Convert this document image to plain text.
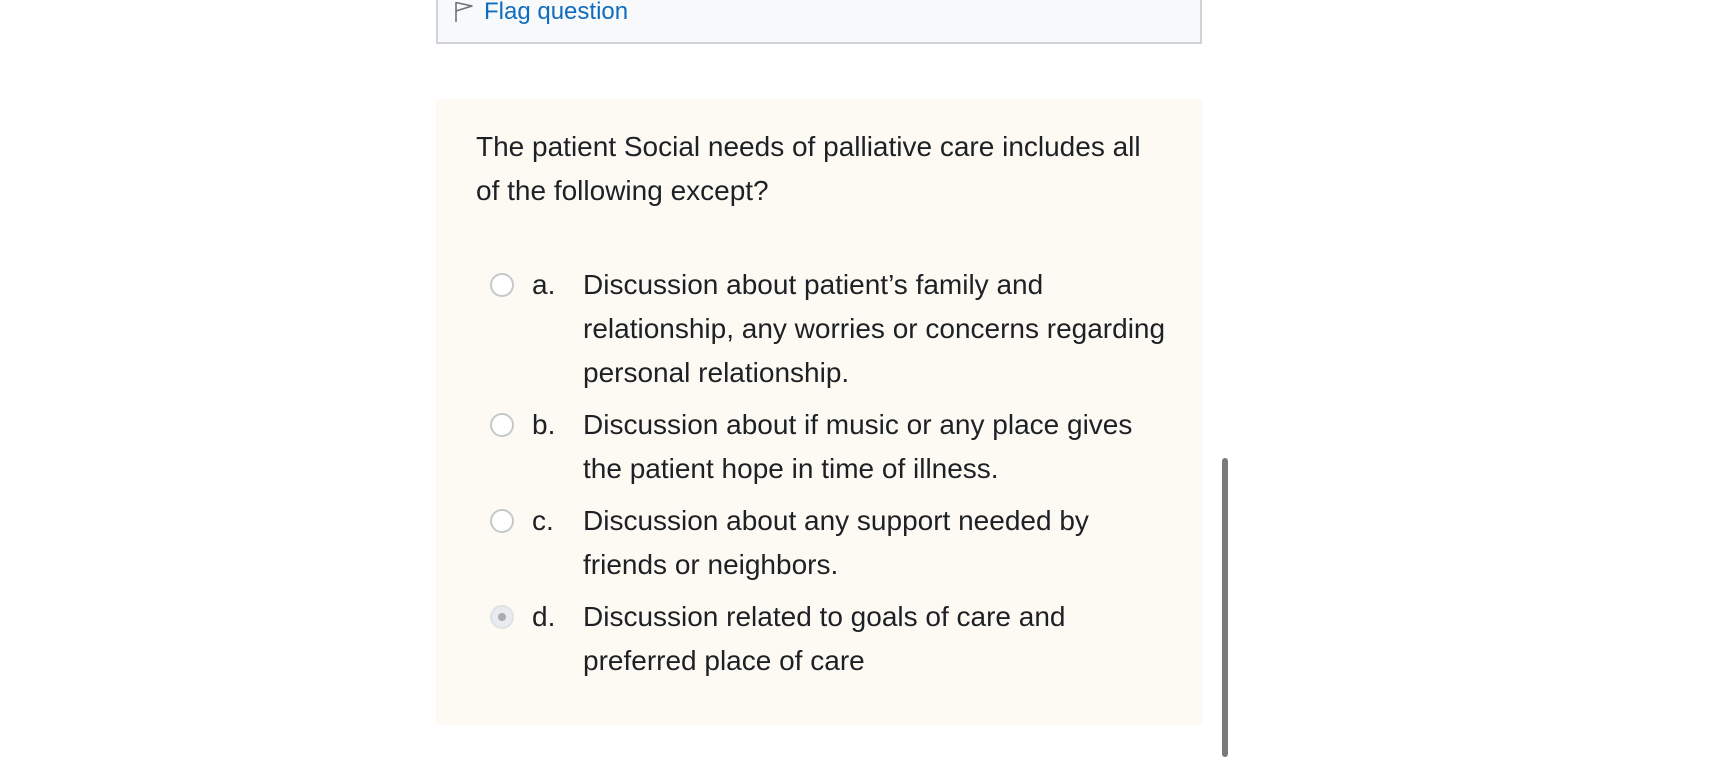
Flag question

The patient Social needs of palliative care includes all of the following except?

a. Discussion about patient’s family and relationship, any worries or concerns regarding personal relationship.
b. Discussion about if music or any place gives the patient hope in time of illness.
c.	Discussion about any support needed by friends or neighbors.
d. Discussion related to goals of care and preferred place of care
